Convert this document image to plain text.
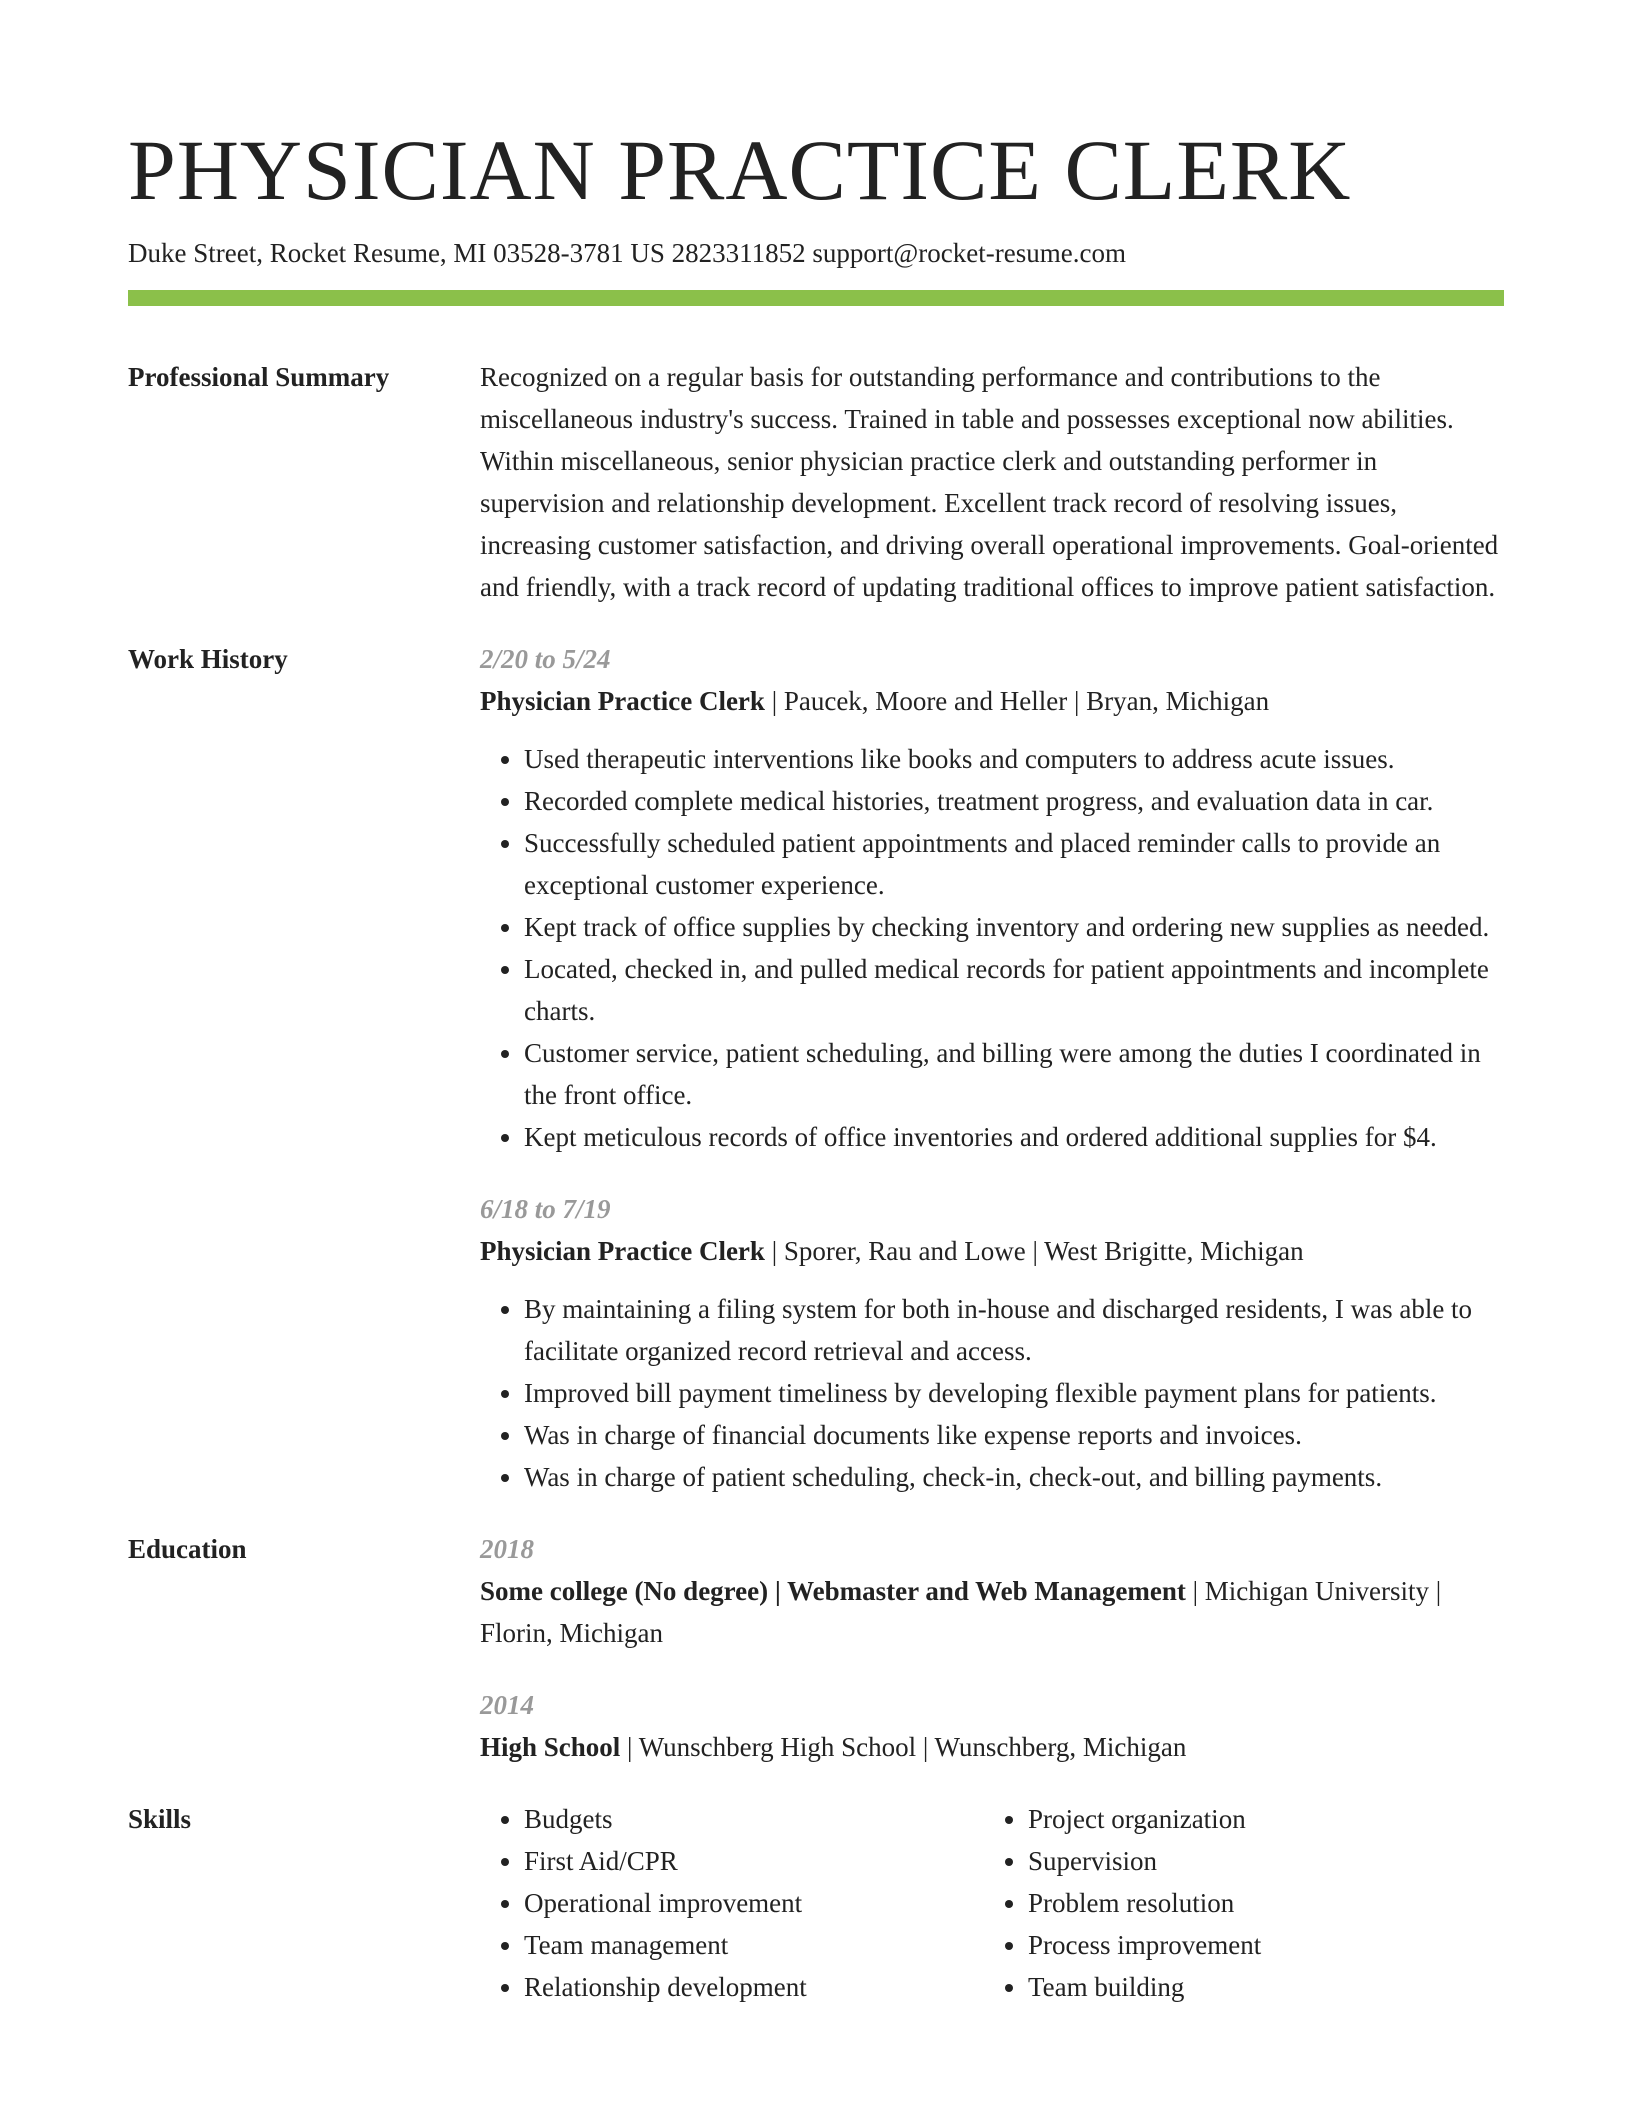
PHYSICIAN PRACTICE CLERK
Duke Street, Rocket Resume, MI 03528-3781 US 2823311852 support@rocket-resume.com
Professional Summary	Recognized on a regular basis for outstanding performance and contributions to the miscellaneous industry's success. Trained in table and possesses exceptional now abilities. Within miscellaneous, senior physician practice clerk and outstanding performer in supervision and relationship development. Excellent track record of resolving issues, increasing customer satisfaction, and driving overall operational improvements. Goal-oriented and friendly, with a track record of updating traditional offices to improve patient satisfaction.
Work History	2/20 to 5/24
Physician Practice Clerk | Paucek, Moore and Heller | Bryan, Michigan
• Used therapeutic interventions like books and computers to address acute issues.
• Recorded complete medical histories, treatment progress, and evaluation data in car.
• Successfully scheduled patient appointments and placed reminder calls to provide an exceptional customer experience.
• Kept track of office supplies by checking inventory and ordering new supplies as needed.
• Located, checked in, and pulled medical records for patient appointments and incomplete charts.
• Customer service, patient scheduling, and billing were among the duties I coordinated in the front office.
• Kept meticulous records of office inventories and ordered additional supplies for $4.
6/18 to 7/19
Physician Practice Clerk | Sporer, Rau and Lowe | West Brigitte, Michigan
• By maintaining a filing system for both in-house and discharged residents, I was able to facilitate organized record retrieval and access.
• Improved bill payment timeliness by developing flexible payment plans for patients.
• Was in charge of financial documents like expense reports and invoices.
• Was in charge of patient scheduling, check-in, check-out, and billing payments.
Education	2018
Some college (No degree) | Webmaster and Web Management | Michigan University | Florin, Michigan
2014
High School | Wunschberg High School | Wunschberg, Michigan
Skills
•	Budgets
• First Aid/CPR
• Operational improvement
• Team management
• Relationship development
• Project organization
• Supervision
• Problem resolution
• Process improvement
• Team building
